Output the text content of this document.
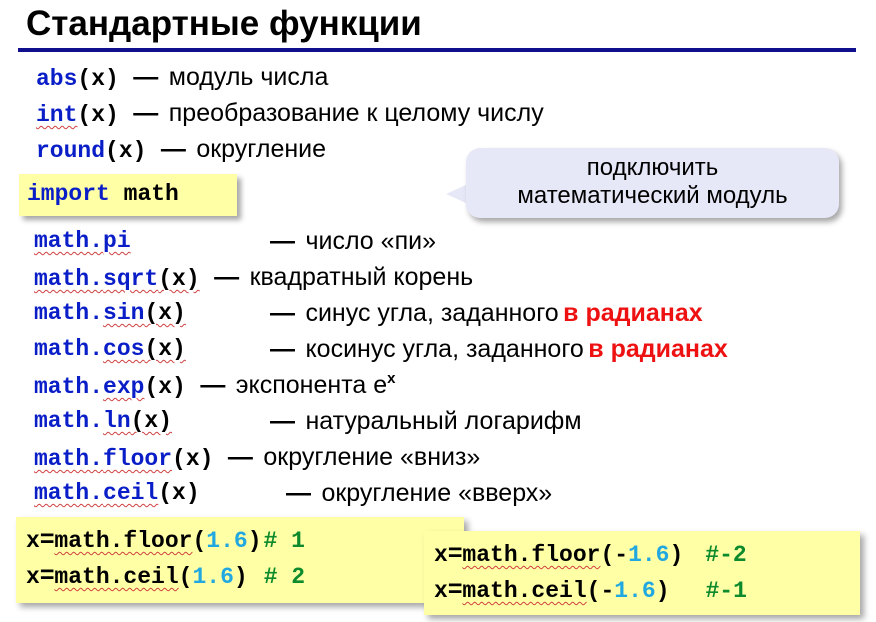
Стандартные функции
abs(x) — модуль числа
int(x) — преобразование к целому числу
round(x) — округление
import math
подключить
математический модуль
math.pi	— число «пи»
math.sqrt(x) — квадратный корень
math.sin(x)	— синус угла, заданного в радианах
math.cos(x)	— косинус угла, заданного в радианах
math.exp(x) — экспонента $e^x$
math.ln(x)	— натуральный логарифм
math.floor(x) — округление «вниз»
math.ceil(x)	— округление «вверх»
x=math.floor(1.6)# 1
x=math.ceil(1.6) # 2
x=math.floor(-1.6) #-2
x=math.ceil(-1.6) #-1
